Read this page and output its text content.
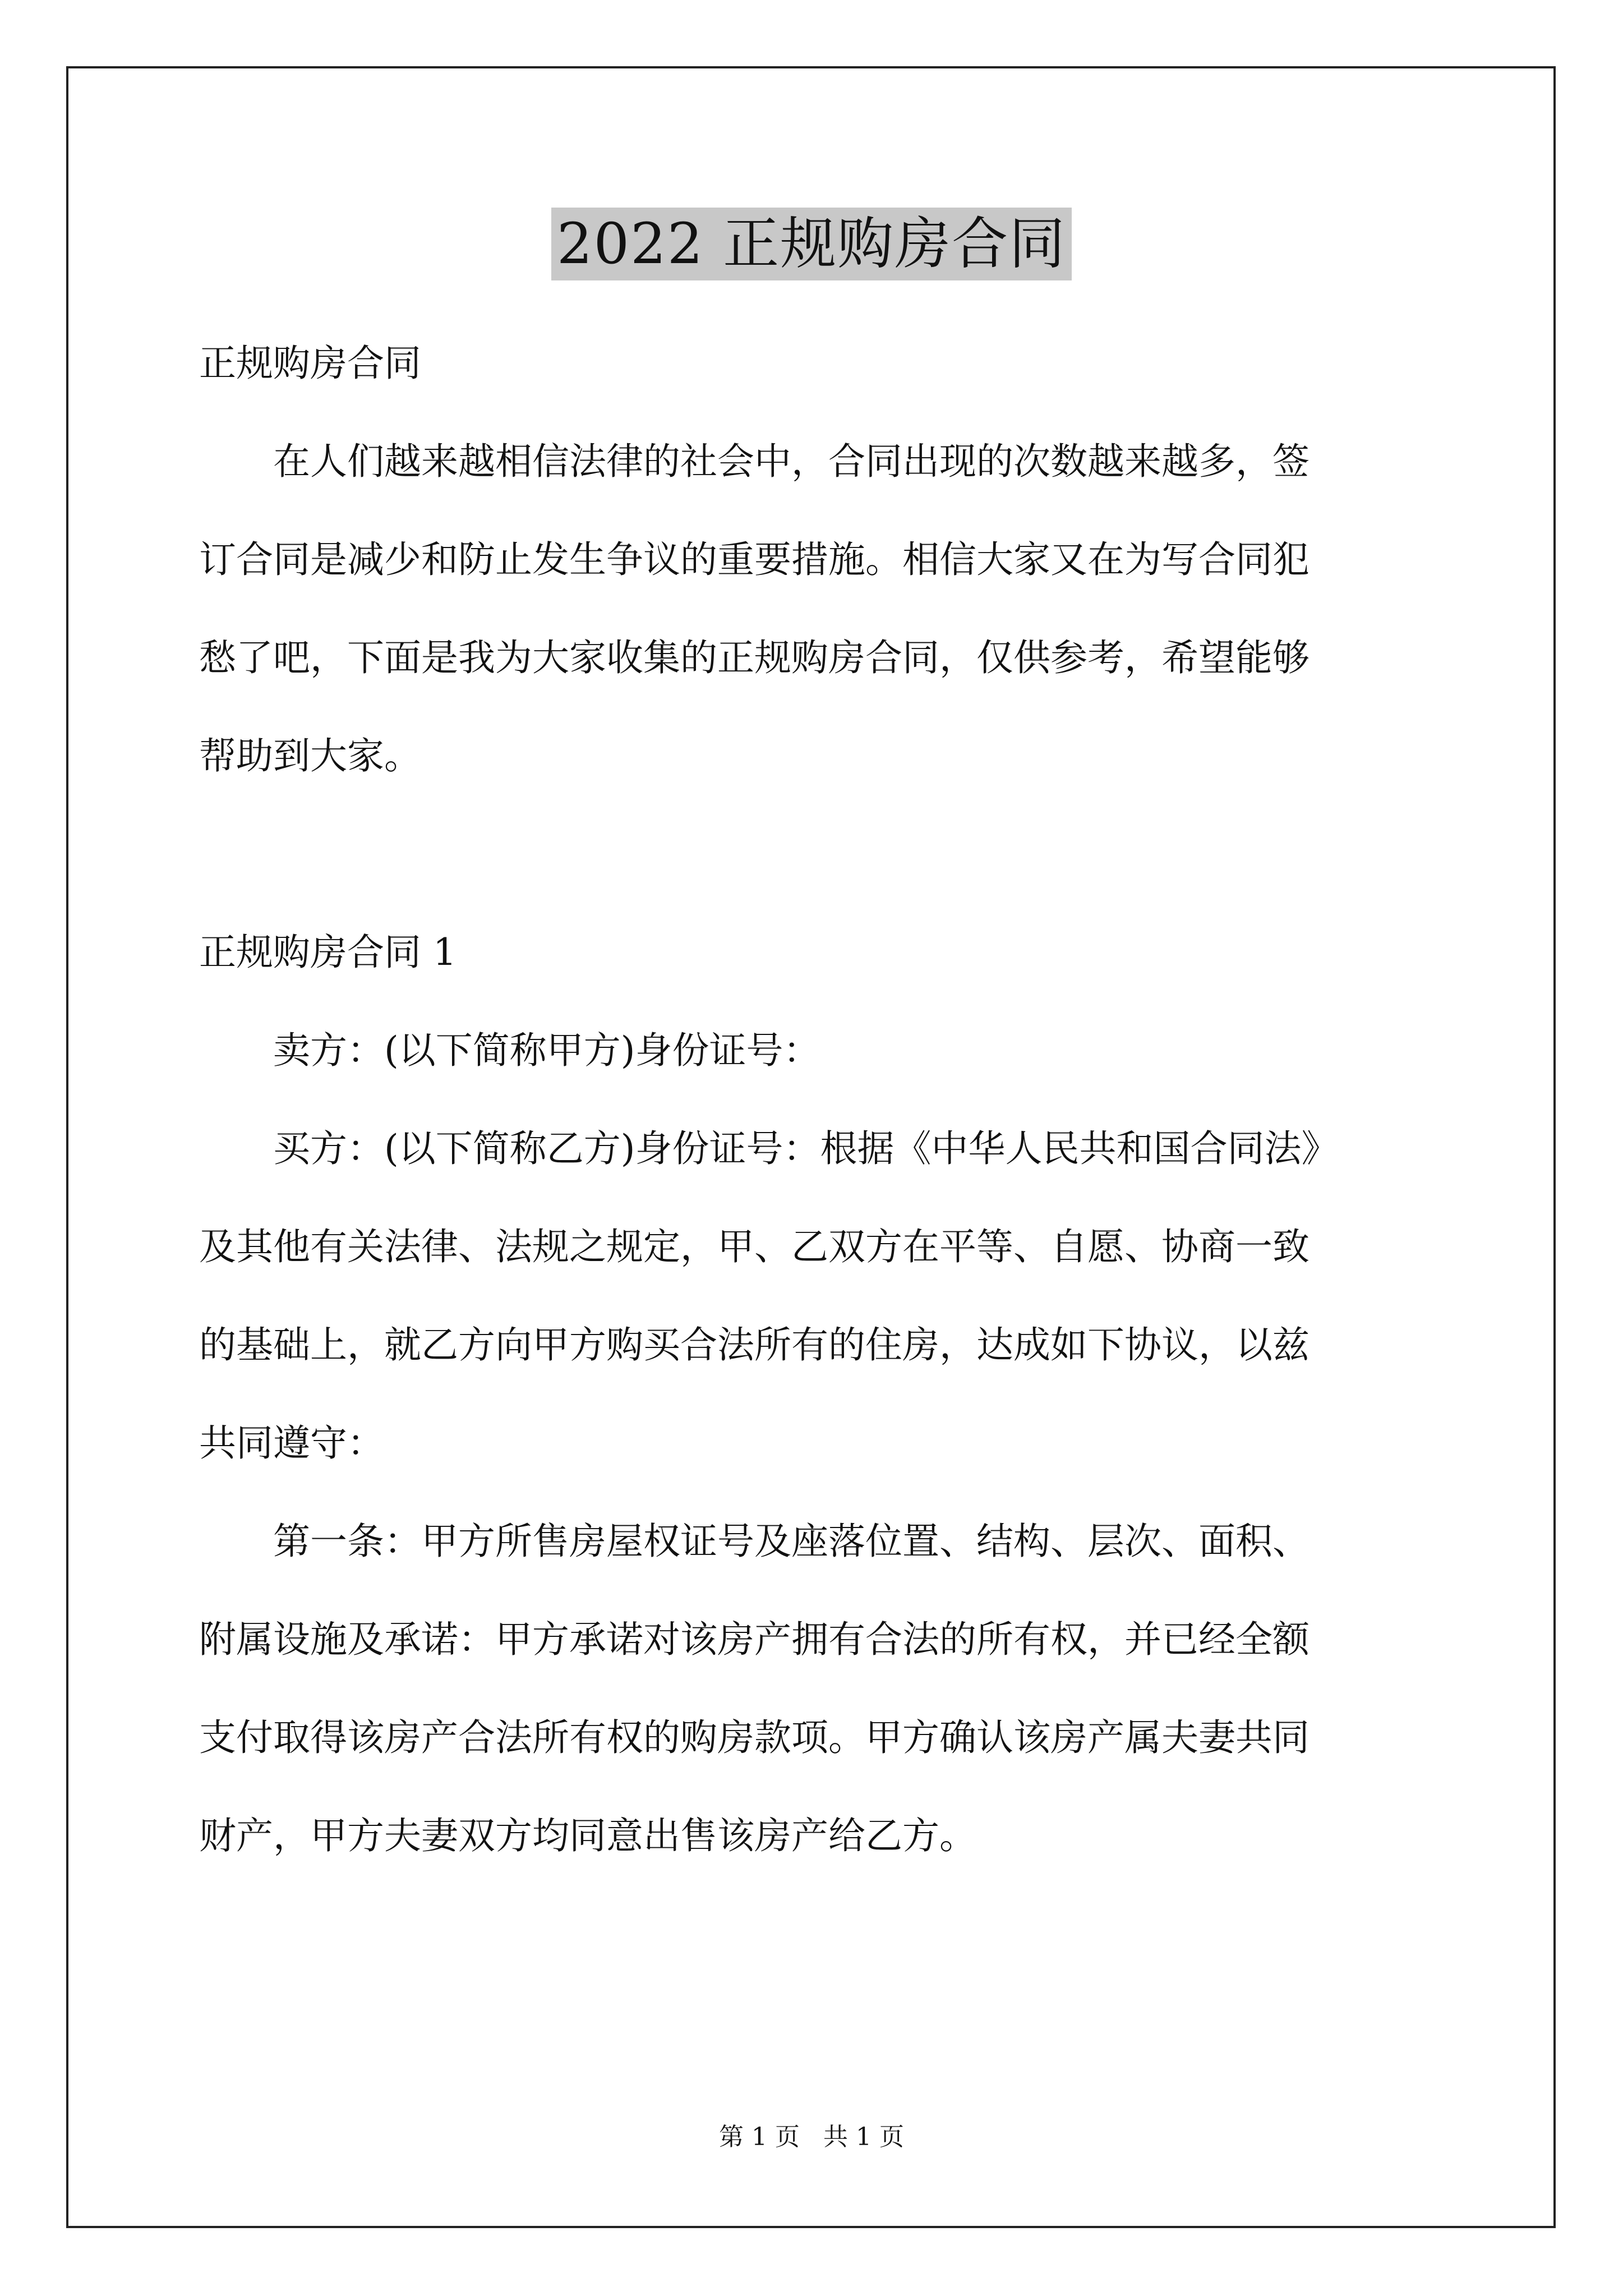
2022 正规购房合同
正规购房合同
　　在人们越来越相信法律的社会中，合同出现的次数越来越多，签
订合同是减少和防止发生争议的重要措施。相信大家又在为写合同犯
愁了吧，下面是我为大家收集的正规购房合同，仅供参考，希望能够
帮助到大家。
正规购房合同 1
　　卖方：(以下简称甲方)身份证号：
　　买方：(以下简称乙方)身份证号：根据《中华人民共和国合同法》
及其他有关法律、法规之规定，甲、乙双方在平等、自愿、协商一致
的基础上，就乙方向甲方购买合法所有的住房，达成如下协议，以兹
共同遵守：
　　第一条：甲方所售房屋权证号及座落位置、结构、层次、面积、
附属设施及承诺：甲方承诺对该房产拥有合法的所有权，并已经全额
支付取得该房产合法所有权的购房款项。甲方确认该房产属夫妻共同
财产，甲方夫妻双方均同意出售该房产给乙方。
第 1 页 共 1 页
